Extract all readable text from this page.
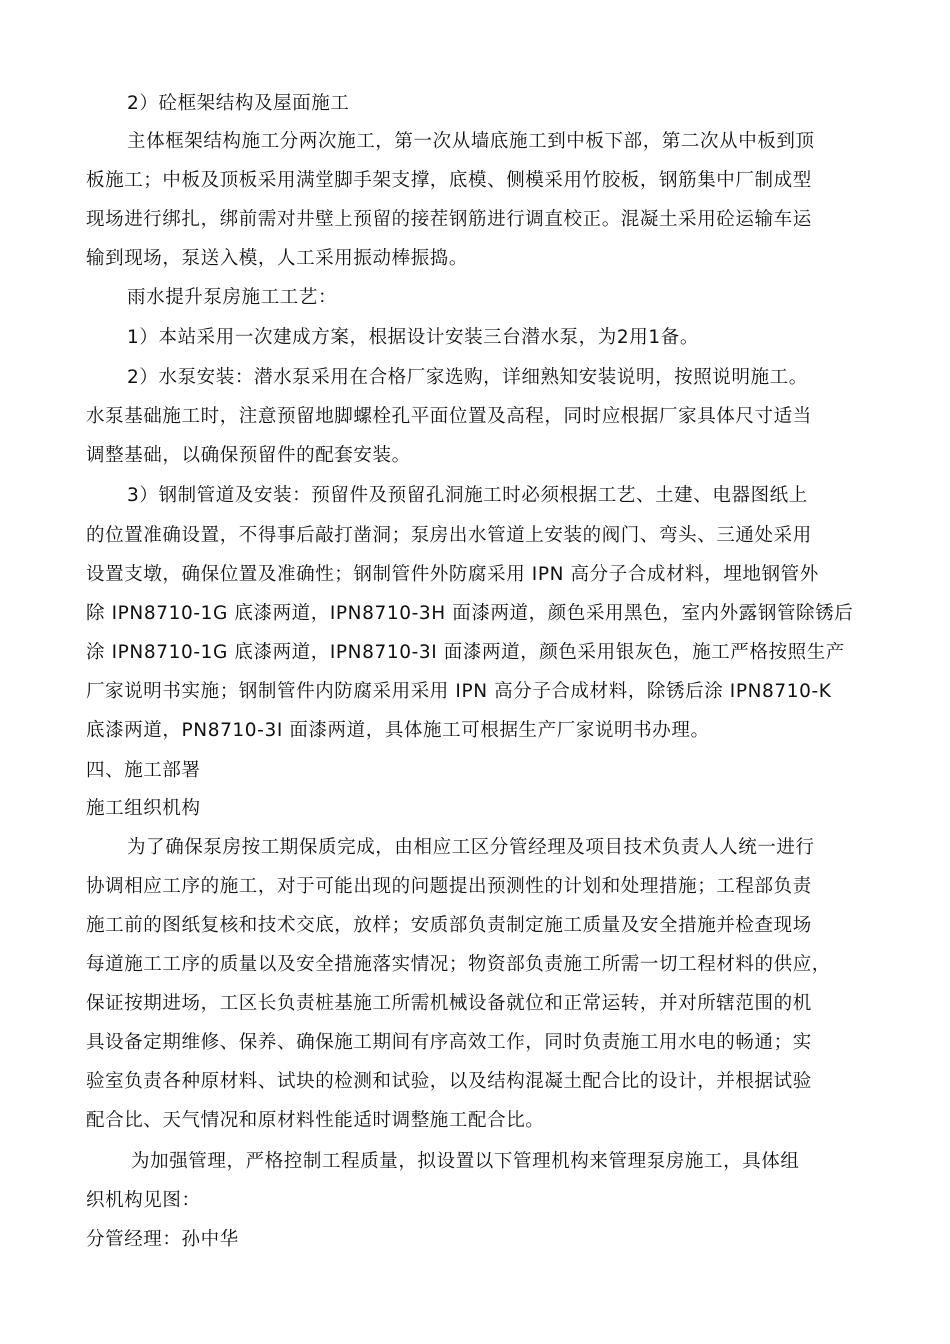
2）砼框架结构及屋面施工
主体框架结构施工分两次施工，第一次从墙底施工到中板下部，第二次从中板到顶
板施工；中板及顶板采用满堂脚手架支撑，底模、侧模采用竹胶板，钢筋集中厂制成型
现场进行绑扎，绑前需对井壁上预留的接茬钢筋进行调直校正。混凝土采用砼运输车运
输到现场，泵送入模，人工采用振动棒振捣。
雨水提升泵房施工工艺：
1）本站采用一次建成方案，根据设计安装三台潜水泵，为2用1备。
2）水泵安装：潜水泵采用在合格厂家选购，详细熟知安装说明，按照说明施工。
水泵基础施工时，注意预留地脚螺栓孔平面位置及高程，同时应根据厂家具体尺寸适当
调整基础，以确保预留件的配套安装。
3）钢制管道及安装：预留件及预留孔洞施工时必须根据工艺、土建、电器图纸上
的位置准确设置，不得事后敲打凿洞；泵房出水管道上安装的阀门、弯头、三通处采用
设置支墩，确保位置及准确性；钢制管件外防腐采用 IPN 高分子合成材料，埋地钢管外
除 IPN8710-1G 底漆两道，IPN8710-3H 面漆两道，颜色采用黑色，室内外露钢管除锈后
涂 IPN8710-1G 底漆两道，IPN8710-3I 面漆两道，颜色采用银灰色，施工严格按照生产
厂家说明书实施；钢制管件内防腐采用采用 IPN 高分子合成材料，除锈后涂 IPN8710-K
底漆两道，PN8710-3I 面漆两道，具体施工可根据生产厂家说明书办理。
四、施工部署
施工组织机构
为了确保泵房按工期保质完成，由相应工区分管经理及项目技术负责人人统一进行
协调相应工序的施工，对于可能出现的问题提出预测性的计划和处理措施；工程部负责
施工前的图纸复核和技术交底，放样；安质部负责制定施工质量及安全措施并检查现场
每道施工工序的质量以及安全措施落实情况；物资部负责施工所需一切工程材料的供应，
保证按期进场，工区长负责桩基施工所需机械设备就位和正常运转，并对所辖范围的机
具设备定期维修、保养、确保施工期间有序高效工作，同时负责施工用水电的畅通；实
验室负责各种原材料、试块的检测和试验，以及结构混凝土配合比的设计，并根据试验
配合比、天气情况和原材料性能适时调整施工配合比。
为加强管理，严格控制工程质量，拟设置以下管理机构来管理泵房施工，具体组
织机构见图：
分管经理：孙中华
